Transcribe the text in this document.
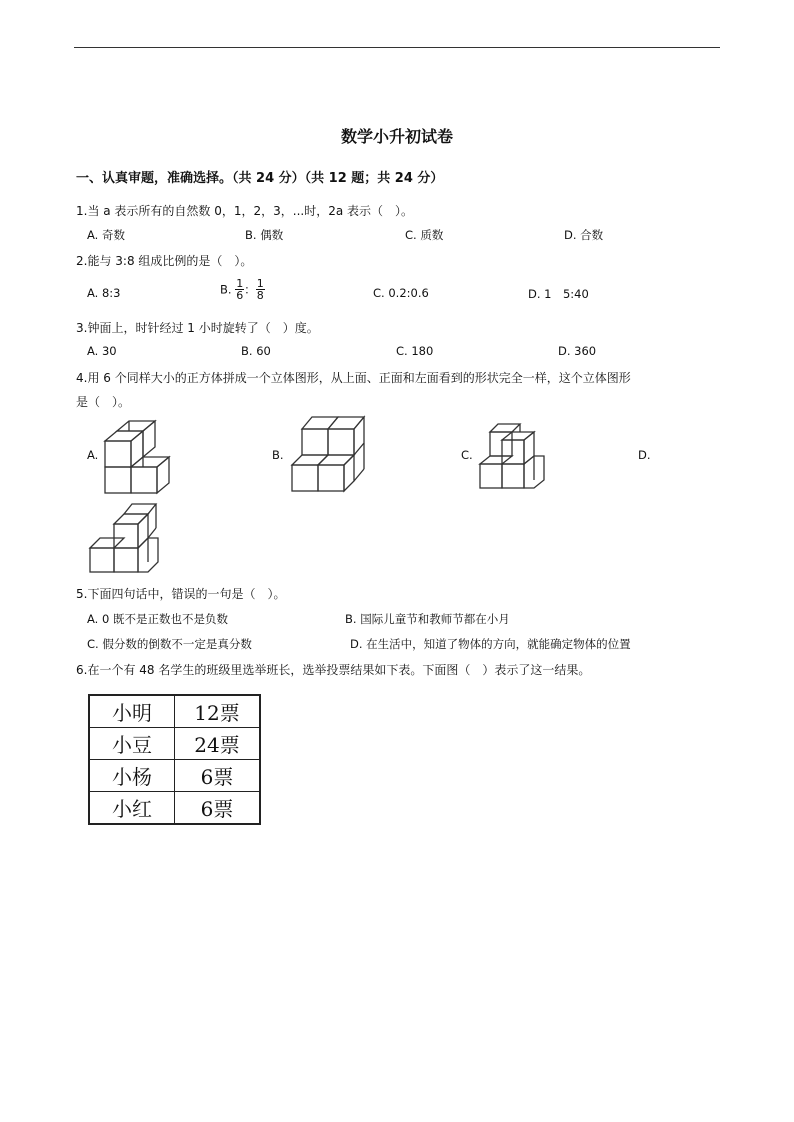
数学小升初试卷
一、认真审题，准确选择。（共 24 分）（共 12 题；共 24 分）
1.当 a 表示所有的自然数 0，1，2，3，...时，2a 表示（　）。
A. 奇数	B. 偶数	C. 质数	D. 合数
2.能与 3:8 组成比例的是（　）。
A. 8:3	B. $\frac{1}{6}$ ： $\frac{1}{8}$	C. 0.2:0.6	D. 1　5:40
3.钟面上，时针经过 1 小时旋转了（　）度。
A. 30	B. 60	C. 180	D. 360
4.用 6 个同样大小的正方体拼成一个立体图形，从上面、正面和左面看到的形状完全一样，这个立体图形
是（　）。
A.	B.	C.	D.
5.下面四句话中，错误的一句是（　）。
A. 0 既不是正数也不是负数	B. 国际儿童节和教师节都在小月
C. 假分数的倒数不一定是真分数	D. 在生活中，知道了物体的方向，就能确定物体的位置
6.在一个有 48 名学生的班级里选举班长，选举投票结果如下表。下面图（　）表示了这一结果。
小明	12票
小豆	24票
小杨	6票
小红	6票
